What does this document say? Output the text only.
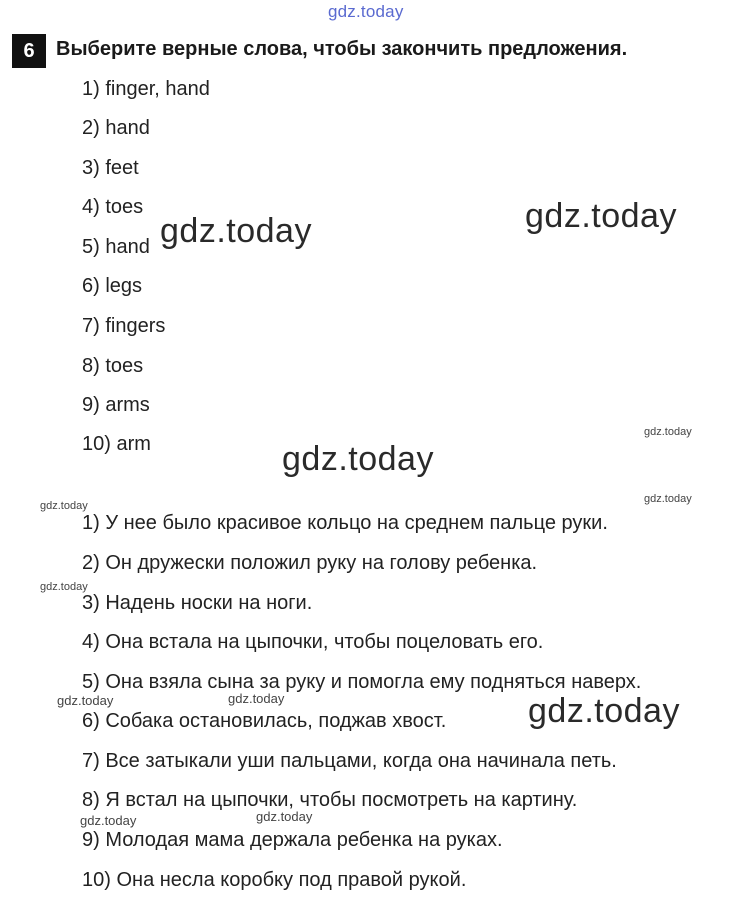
gdz.today
6	Выберите верные слова, чтобы закончить предложения.
1) finger, hand
2) hand
3) feet
4) toes
5) hand
6) legs
7) fingers
8) toes
9) arms
10) arm
1) У нее было красивое кольцо на среднем пальце руки.
2) Он дружески положил руку на голову ребенка.
3) Надень носки на ноги.
4) Она встала на цыпочки, чтобы поцеловать его.
5) Она взяла сына за руку и помогла ему подняться наверх.
6) Собака остановилась, поджав хвост.
7) Все затыкали уши пальцами, когда она начинала петь.
8) Я встал на цыпочки, чтобы посмотреть на картину.
9) Молодая мама держала ребенка на руках.
10) Она несла коробку под правой рукой.
gdz.today	gdz.today
gdz.today
gdz.today
gdz.today
gdz.today
gdz.today
gdz.today
gdz.today	gdz.today
gdz.today	gdz.today
